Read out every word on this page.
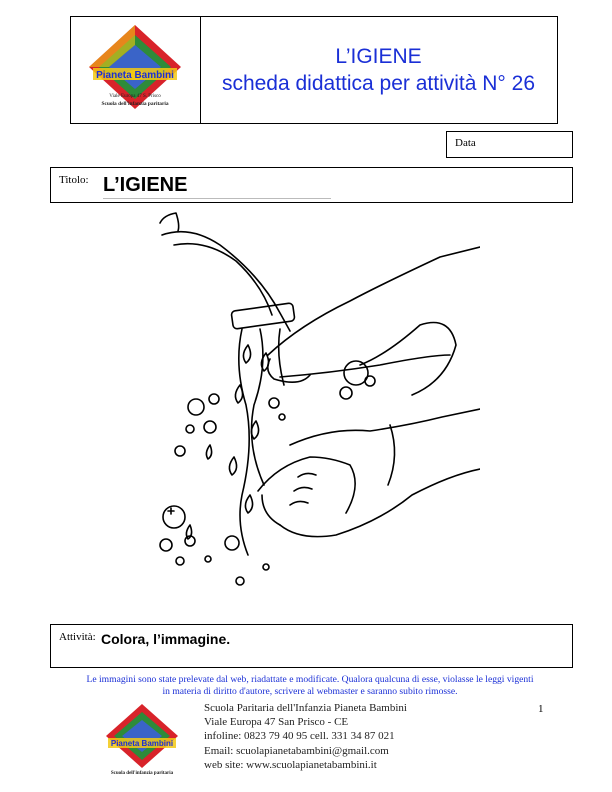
Pianeta Bambini
Viale Europa 47 S. Prisco
Scuola dell'infanzia paritaria
L’IGIENE
scheda didattica per attività N° 26
Data
Titolo: L’IGIENE
Attività: Colora, l’immagine.
Le immagini sono state prelevate dal web, riadattate e modificate. Qualora qualcuna di esse, violasse le leggi vigenti
in materia di diritto d'autore, scrivere al webmaster e saranno subito rimosse.
Pianeta Bambini
Scuola dell'infanzia paritaria
Scuola Paritaria dell'Infanzia Pianeta Bambini
Viale Europa 47 San Prisco - CE
infoline: 0823 79 40 95 cell. 331 34 87 021
Email: scuolapianetabambini@gmail.com
web site: www.scuolapianetabambini.it
1
